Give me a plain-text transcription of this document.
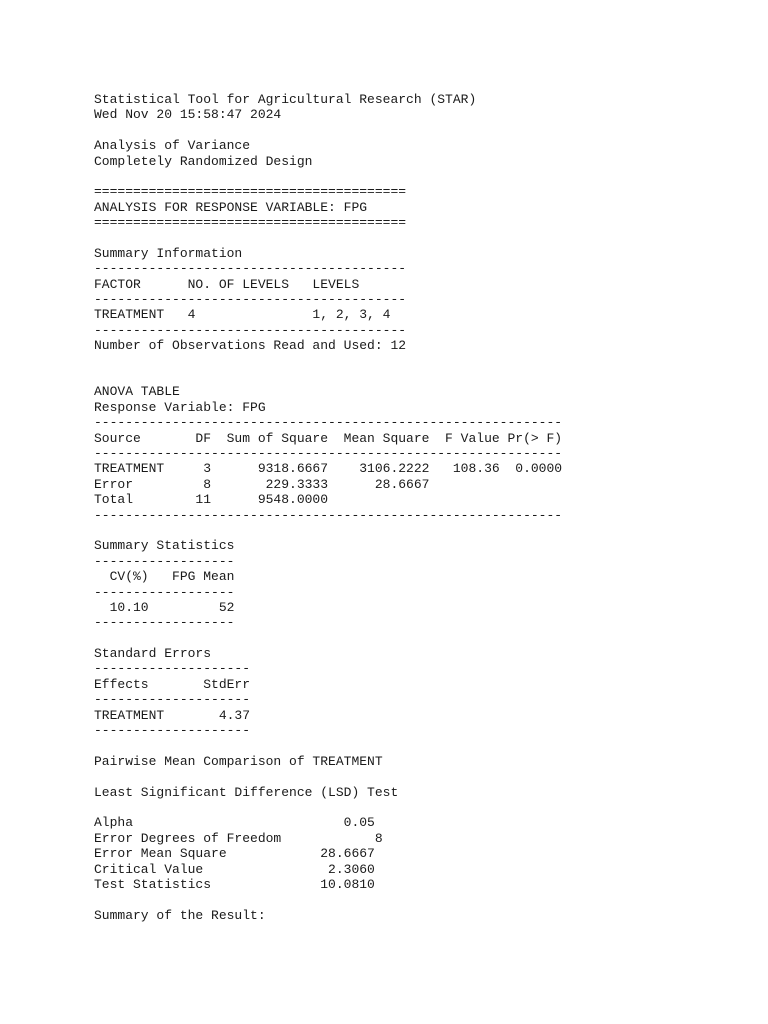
Statistical Tool for Agricultural Research (STAR)
Wed Nov 20 15:58:47 2024
Analysis of Variance
Completely Randomized Design
========================================
ANALYSIS FOR RESPONSE VARIABLE: FPG
========================================
Summary Information
----------------------------------------
FACTOR      NO. OF LEVELS   LEVELS
----------------------------------------
TREATMENT   4               1, 2, 3, 4
----------------------------------------
Number of Observations Read and Used: 12
ANOVA TABLE
Response Variable: FPG
------------------------------------------------------------
Source       DF  Sum of Square  Mean Square  F Value Pr(> F)
------------------------------------------------------------
TREATMENT     3      9318.6667    3106.2222   108.36  0.0000
Error         8       229.3333      28.6667
Total        11      9548.0000
------------------------------------------------------------
Summary Statistics
------------------
CV(%)   FPG Mean
------------------
10.10         52
------------------
Standard Errors
--------------------
Effects       StdErr
--------------------
TREATMENT       4.37
--------------------
Pairwise Mean Comparison of TREATMENT
Least Significant Difference (LSD) Test
Alpha                           0.05
Error Degrees of Freedom            8
Error Mean Square            28.6667
Critical Value                2.3060
Test Statistics              10.0810
Summary of the Result:
